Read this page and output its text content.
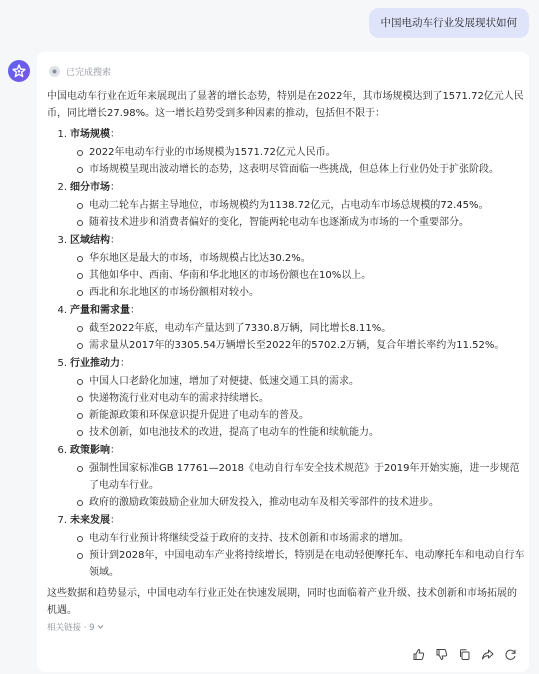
中国电动车行业发展现状如何
已完成搜索

中国电动车行业在近年来展现出了显著的增长态势，特别是在2022年，其市场规模达到了1571.72亿元人民币，同比增长27.98%。这一增长趋势受到多种因素的推动，包括但不限于：

1. 市场规模 ：
2022年电动车行业的市场规模为1571.72亿元人民币。
市场规模呈现出波动增长的态势，这表明尽管面临一些挑战，但总体上行业仍处于扩张阶段。
2. 细分市场 ：
电动二轮车占据主导地位，市场规模约为1138.72亿元，占电动车市场总规模的72.45%。
随着技术进步和消费者偏好的变化，智能两轮电动车也逐渐成为市场的一个重要部分。
3. 区域结构 ：
华东地区是最大的市场，市场规模占比达30.2%。
其他如华中、西南、华南和华北地区的市场份额也在10%以上。
西北和东北地区的市场份额相对较小。
4. 产量和需求量 ：
截至2022年底，电动车产量达到了7330.8万辆，同比增长8.11%。
需求量从2017年的3305.54万辆增长至2022年的5702.2万辆，复合年增长率约为11.52%。
5. 行业推动力 ：
中国人口老龄化加速，增加了对便捷、低速交通工具的需求。
快递物流行业对电动车的需求持续增长。
新能源政策和环保意识提升促进了电动车的普及。
技术创新，如电池技术的改进，提高了电动车的性能和续航能力。
6. 政策影响 ：
强制性国家标准GB 17761—2018《电动自行车安全技术规范》于2019年开始实施，进一步规范了电动车行业。
政府的激励政策鼓励企业加大研发投入，推动电动车及相关零部件的技术进步。
7. 未来发展 ：
电动车行业预计将继续受益于政府的支持、技术创新和市场需求的增加。
预计到2028年，中国电动车产业将持续增长，特别是在电动轻便摩托车、电动摩托车和电动自行车领域。

这些数据和趋势显示，中国电动车行业正处在快速发展期，同时也面临着产业升级、技术创新和市场拓展的机遇。

相关链接 · 9
